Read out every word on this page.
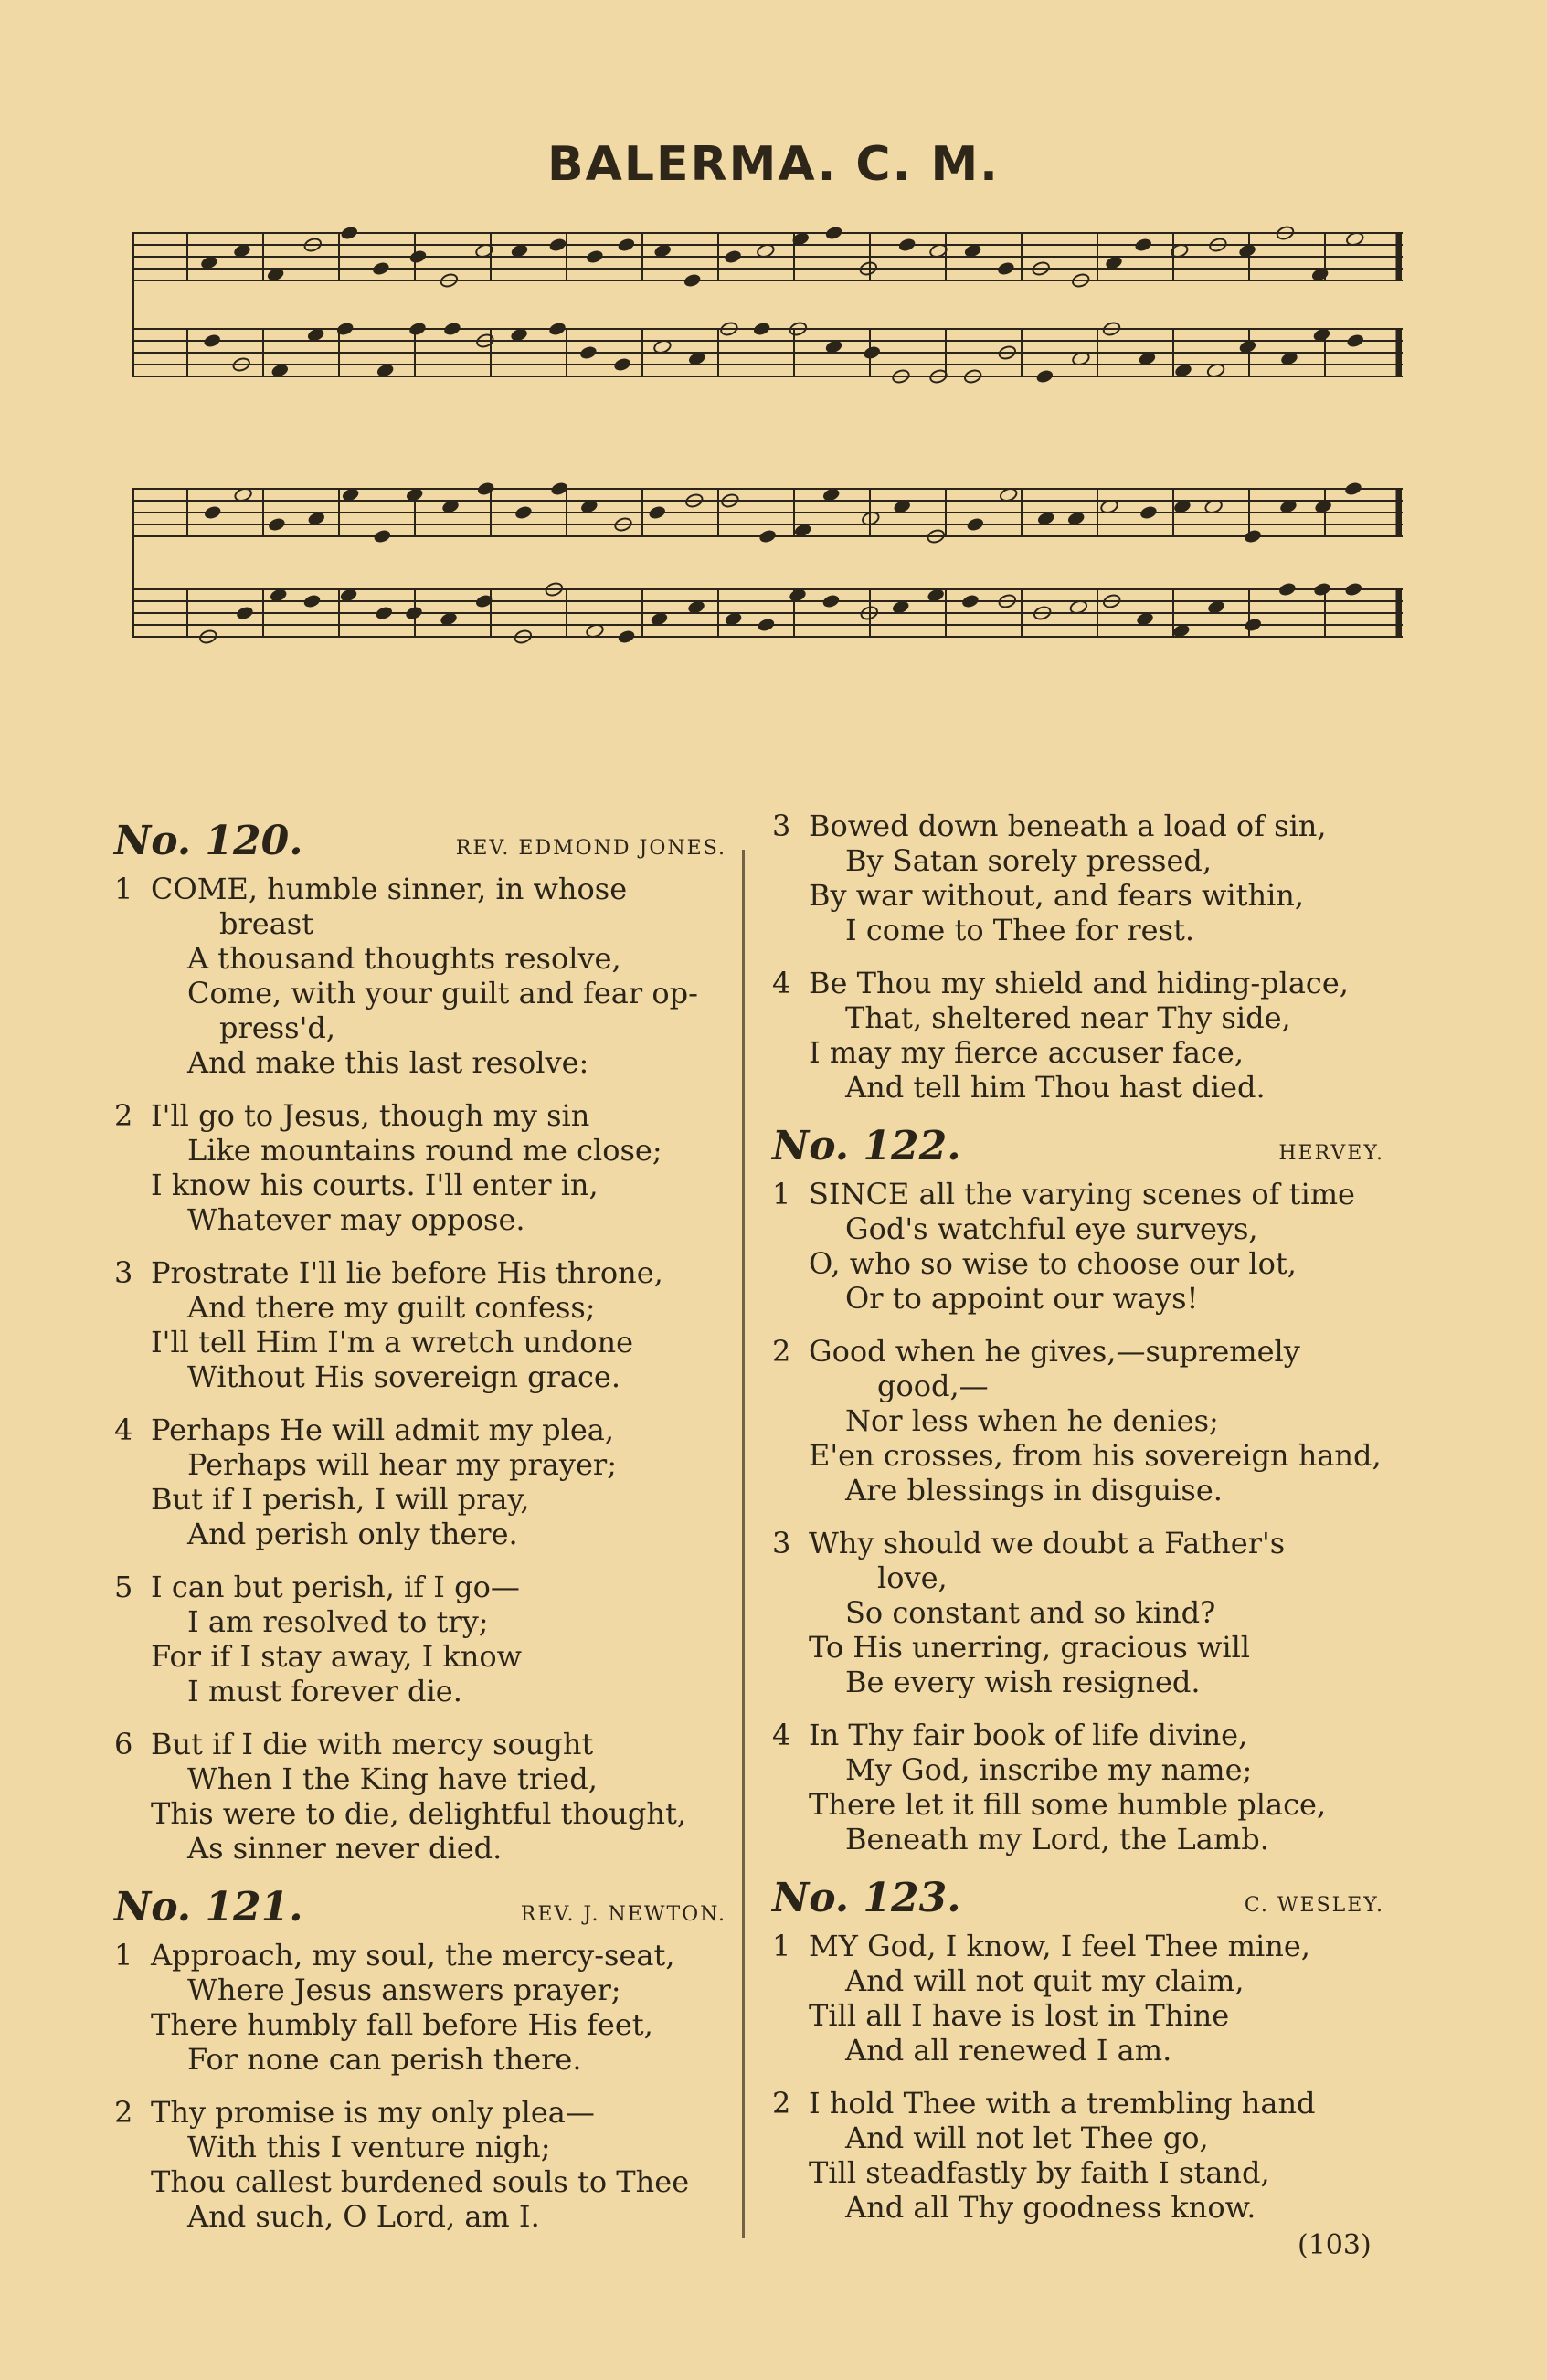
BALERMA. C. M.
No. 120.	REV. EDMOND JONES.
1 COME, humble sinner, in whose
breast
A thousand thoughts resolve,
Come, with your guilt and fear op-
press'd,
And make this last resolve:
2 I'll go to Jesus, though my sin
Like mountains round me close;
I know his courts. I'll enter in,
Whatever may oppose.
3 Prostrate I'll lie before His throne,
And there my guilt confess;
I'll tell Him I'm a wretch undone
Without His sovereign grace.
4 Perhaps He will admit my plea,
Perhaps will hear my prayer;
But if I perish, I will pray,
And perish only there.
5 I can but perish, if I go—
I am resolved to try;
For if I stay away, I know
I must forever die.
6 But if I die with mercy sought
When I the King have tried,
This were to die, delightful thought,
As sinner never died.
No. 121.	REV. J. NEWTON.
1 Approach, my soul, the mercy-seat,
Where Jesus answers prayer;
There humbly fall before His feet,
For none can perish there.
2 Thy promise is my only plea—
With this I venture nigh;
Thou callest burdened souls to Thee
And such, O Lord, am I.
3 Bowed down beneath a load of sin,
By Satan sorely pressed,
By war without, and fears within,
I come to Thee for rest.
4 Be Thou my shield and hiding-place,
That, sheltered near Thy side,
I may my fierce accuser face,
And tell him Thou hast died.
No. 122.	HERVEY.
1 SINCE all the varying scenes of time
God's watchful eye surveys,
O, who so wise to choose our lot,
Or to appoint our ways!
2 Good when he gives,—supremely
good,—
Nor less when he denies;
E'en crosses, from his sovereign hand,
Are blessings in disguise.
3 Why should we doubt a Father's
love,
So constant and so kind?
To His unerring, gracious will
Be every wish resigned.
4 In Thy fair book of life divine,
My God, inscribe my name;
There let it fill some humble place,
Beneath my Lord, the Lamb.
No. 123.	C. WESLEY.
1 MY God, I know, I feel Thee mine,
And will not quit my claim,
Till all I have is lost in Thine
And all renewed I am.
2 I hold Thee with a trembling hand
And will not let Thee go,
Till steadfastly by faith I stand,
And all Thy goodness know.
(103)
